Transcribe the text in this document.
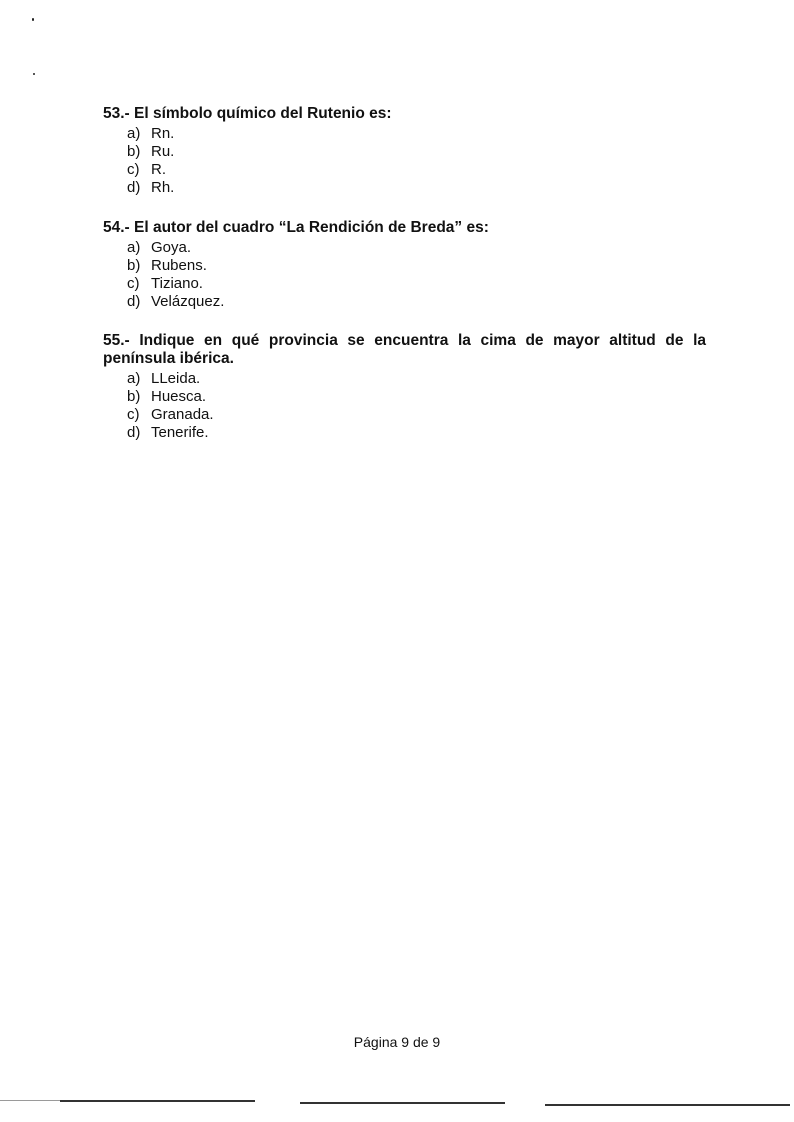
53.- El símbolo químico del Rutenio es:

a) Rn.
b) Ru.
c) R.
d) Rh.

54.- El autor del cuadro “La Rendición de Breda” es:

a) Goya.
b) Rubens.
c) Tiziano.
d) Velázquez.

55.- Indique en qué provincia se encuentra la cima de mayor altitud de la península ibérica.

a) LLeida.
b) Huesca.
c) Granada.
d) Tenerife.
Página 9 de 9
